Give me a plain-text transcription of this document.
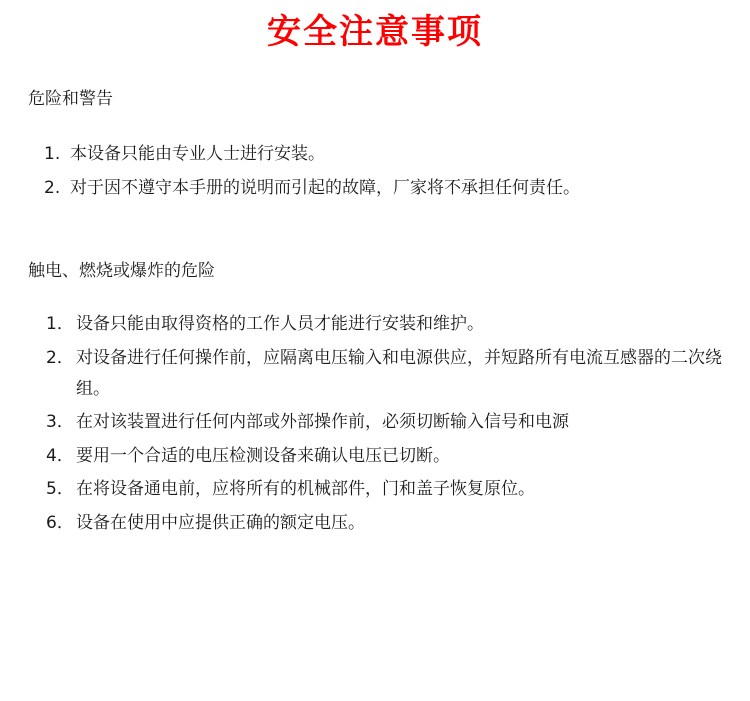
安全注意事项

危险和警告

1. 本设备只能由专业人士进行安装。
2. 对于因不遵守本手册的说明而引起的故障，厂家将不承担任何责任。

触电、燃烧或爆炸的危险

1． 设备只能由取得资格的工作人员才能进行安装和维护。
2． 对设备进行任何操作前，应隔离电压输入和电源供应，并短路所有电流互感器的二次绕组。
3． 在对该装置进行任何内部或外部操作前，必须切断输入信号和电源
4． 要用一个合适的电压检测设备来确认电压已切断。
5． 在将设备通电前，应将所有的机械部件，门和盖子恢复原位。
6． 设备在使用中应提供正确的额定电压。
